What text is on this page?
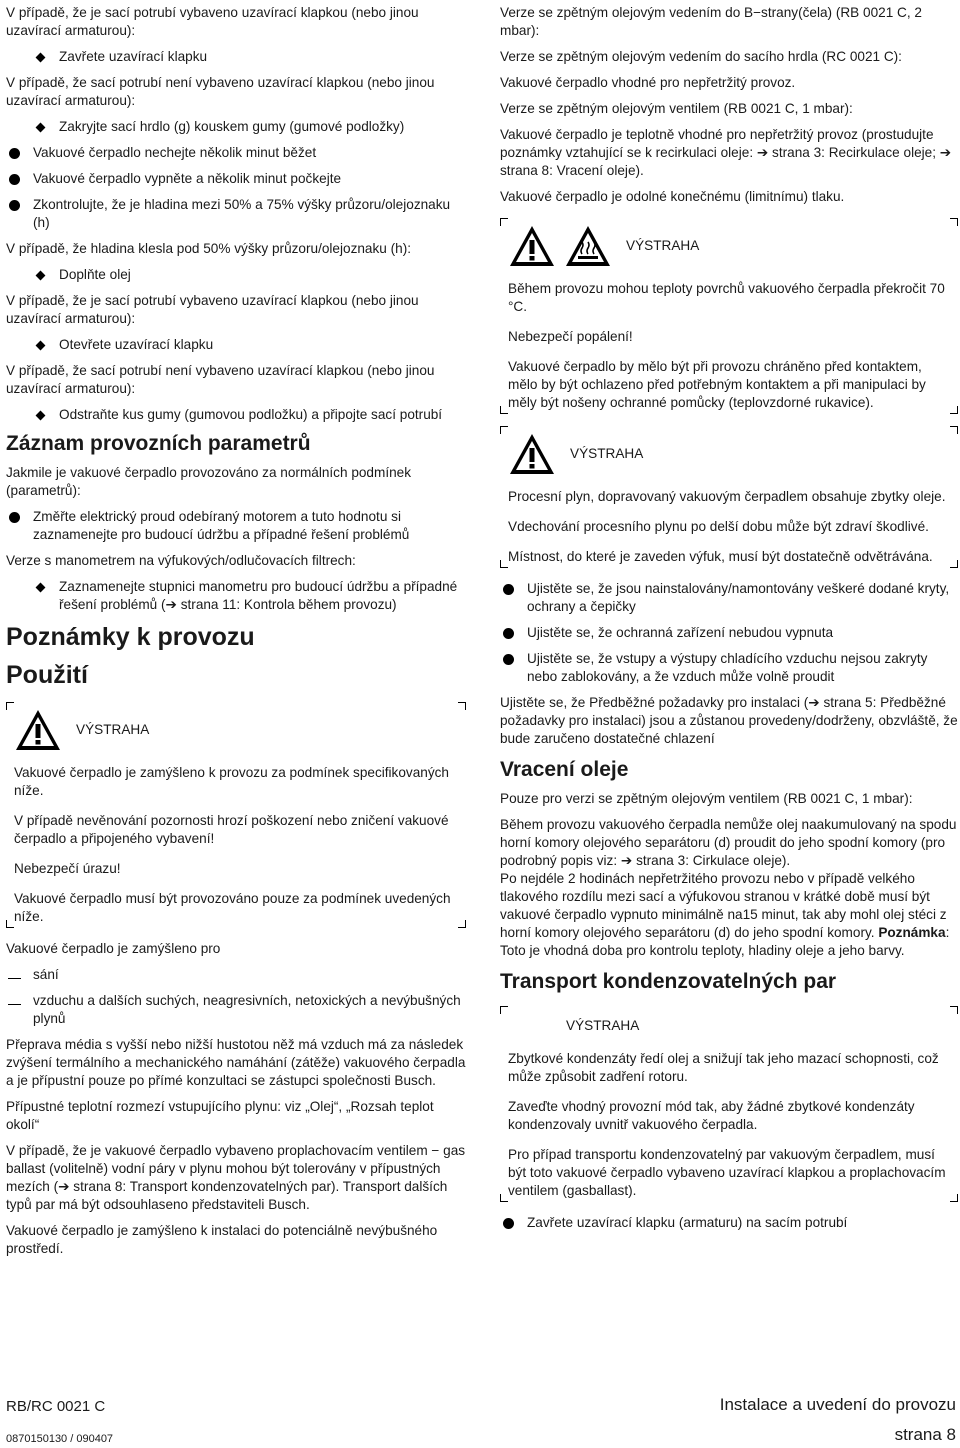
V případě, že je sací potrubí vybaveno uzavírací klapkou (nebo jinou uzavírací armaturou):

Zavřete uzavírací klapku

V případě, že sací potrubí není vybaveno uzavírací klapkou (nebo jinou uzavírací armaturou):

Zakryjte sací hrdlo (g) kouskem gumy (gumové podložky)
Vakuové čerpadlo nechejte několik minut běžet
Vakuové čerpadlo vypněte a několik minut počkejte
Zkontrolujte, že je hladina mezi 50% a 75% výšky průzoru/olejoznaku (h)

V případě, že hladina klesla pod 50% výšky průzoru/olejoznaku (h):

Doplňte olej

V případě, že je sací potrubí vybaveno uzavírací klapkou (nebo jinou uzavírací armaturou):

Otevřete uzavírací klapku

V případě, že sací potrubí není vybaveno uzavírací klapkou (nebo jinou uzavírací armaturou):

Odstraňte kus gumy (gumovou podložku) a připojte sací potrubí
Záznam provozních parametrů

Jakmile je vakuové čerpadlo provozováno za normálních podmínek (parametrů):

Změřte elektrický proud odebíraný motorem a tuto hodnotu si zaznamenejte pro budoucí údržbu a případné řešení problémů

Verze s manometrem na výfukových/odlučovacích filtrech:

Zaznamenejte stupnici manometru pro budoucí údržbu a případné řešení problémů (➔ strana 11: Kontrola během provozu)
Poznámky k provozu
Použití
VÝSTRAHA

Vakuové čerpadlo je zamýšleno k provozu za podmínek specifikovaných níže.

V případě nevěnování pozornosti hrozí poškození nebo zničení vakuové čerpadlo a připojeného vybavení!

Nebezpečí úrazu!

Vakuové čerpadlo musí být provozováno pouze za podmínek uvedených níže.

Vakuové čerpadlo je zamýšleno pro

sání
vzduchu a dalších suchých, neagresivních, netoxických a nevýbušných plynů

Přeprava média s vyšší nebo nižší hustotou něž má vzduch má za následek zvýšení termálního a mechanického namáhání (zátěže) vakuového čerpadla a je přípustní pouze po přímé konzultaci se zástupci společnosti Busch.

Přípustné teplotní rozmezí vstupujícího plynu: viz „Olej“, „Rozsah teplot okolí“

V případě, že je vakuové čerpadlo vybaveno proplachovacím ventilem − gas ballast (volitelně) vodní páry v plynu mohou být tolerovány v přípustných mezích (➔ strana 8: Transport kondenzovatelných par). Transport dalších typů par má být odsouhlaseno představiteli Busch.

Vakuové čerpadlo je zamýšleno k instalaci do potenciálně nevýbušného prostředí.

Verze se zpětným olejovým vedením do B−strany(čela) (RB 0021 C, 2 mbar):

Verze se zpětným olejovým vedením do sacího hrdla (RC 0021 C):

Vakuové čerpadlo vhodné pro nepřetržitý provoz.

Verze se zpětným olejovým ventilem (RB 0021 C, 1 mbar):

Vakuové čerpadlo je teplotně vhodné pro nepřetržitý provoz (prostudujte poznámky vztahující se k recirkulaci oleje: ➔ strana 3: Recirkulace oleje; ➔ strana 8: Vracení oleje).

Vakuové čerpadlo je odolné konečnému (limitnímu) tlaku.

VÝSTRAHA

Během provozu mohou teploty povrchů vakuového čerpadla překročit 70 °C.

Nebezpečí popálení!

Vakuové čerpadlo by mělo být při provozu chráněno před kontaktem, mělo by být ochlazeno před potřebným kontaktem a při manipulaci by měly být nošeny ochranné pomůcky (teplovzdorné rukavice).

VÝSTRAHA

Procesní plyn, dopravovaný vakuovým čerpadlem obsahuje zbytky oleje.

Vdechování procesního plynu po delší dobu může být zdraví škodlivé.

Místnost, do které je zaveden výfuk, musí být dostatečně odvětrávána.

Ujistěte se, že jsou nainstalovány/namontovány veškeré dodané kryty, ochrany a čepičky
Ujistěte se, že ochranná zařízení nebudou vypnuta
Ujistěte se, že vstupy a výstupy chladícího vzduchu nejsou zakryty nebo zablokovány, a že vzduch může volně proudit

Ujistěte se, že Předběžné požadavky pro instalaci (➔ strana 5: Předběžné požadavky pro instalaci) jsou a zůstanou provedeny/dodrženy, obzvláště, že bude zaručeno dostatečné chlazení

Vracení oleje

Pouze pro verzi se zpětným olejovým ventilem (RB 0021 C, 1 mbar):

Během provozu vakuového čerpadla nemůže olej naakumulovaný na spodu horní komory olejového separátoru (d) proudit do jeho spodní komory (pro podrobný popis viz: ➔ strana 3: Cirkulace oleje).
Po nejdéle 2 hodinách nepřetržitého provozu nebo v případě velkého tlakového rozdílu mezi sací a výfukovou stranou v krátké době musí být vakuové čerpadlo vypnuto minimálně na15 minut, tak aby mohl olej stéci z horní komory olejového separátoru (d) do jeho spodní komory. Poznámka: Toto je vhodná doba pro kontrolu teploty, hladiny oleje a jeho barvy.

Transport kondenzovatelných par
VÝSTRAHA

Zbytkové kondenzáty ředí olej a snižují tak jeho mazací schopnosti, což může způsobit zadření rotoru.

Zaveďte vhodný provozní mód tak, aby žádné zbytkové kondenzáty kondenzovaly uvnitř vakuového čerpadla.

Pro případ transportu kondenzovatelný par vakuovým čerpadlem, musí být toto vakuové čerpadlo vybaveno uzavírací klapkou a proplachovacím ventilem (gasballast).

Zavřete uzavírací klapku (armaturu) na sacím potrubí
RB/RC 0021 C
0870150130 / 090407
Instalace a uvedení do provozu
strana 8
